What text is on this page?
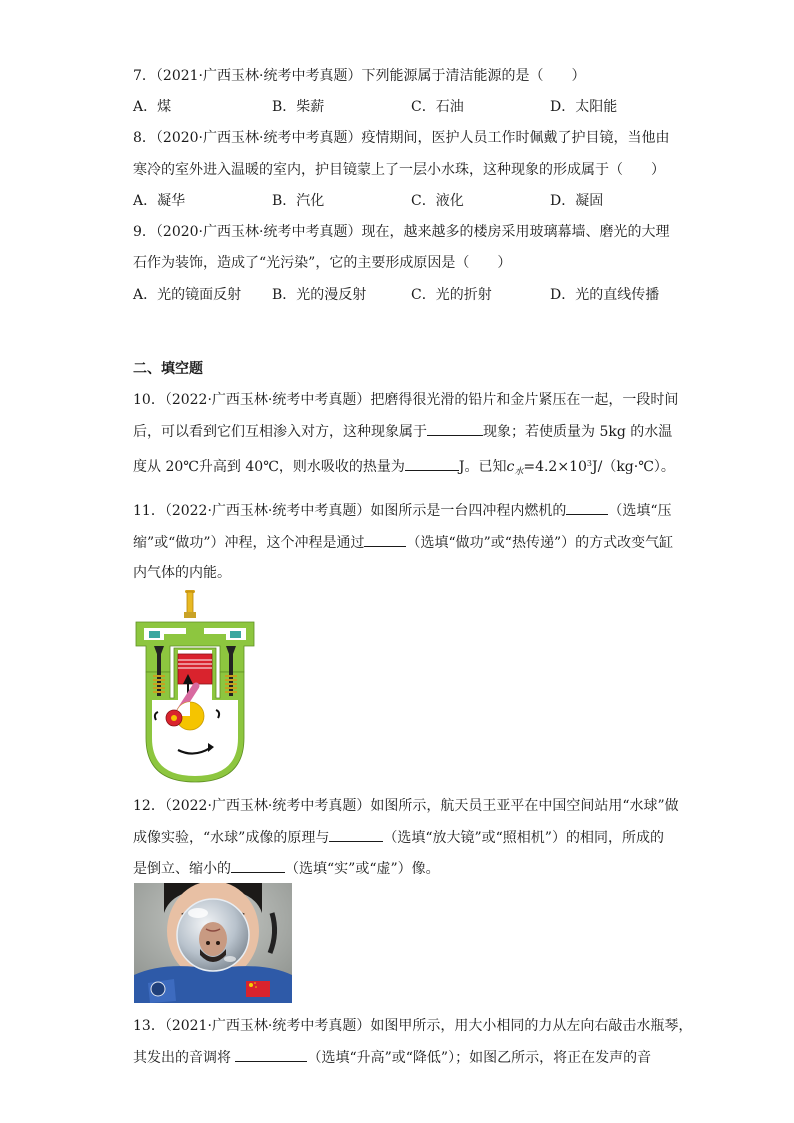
7．（2021·广西玉林·统考中考真题）下列能源属于清洁能源的是（　　）
A．煤	B．柴薪	C．石油	D．太阳能
8．（2020·广西玉林·统考中考真题）疫情期间，医护人员工作时佩戴了护目镜，当他由
寒冷的室外进入温暖的室内，护目镜蒙上了一层小水珠，这种现象的形成属于（　　）
A．凝华	B．汽化	C．液化	D．凝固
9．（2020·广西玉林·统考中考真题）现在，越来越多的楼房采用玻璃幕墙、磨光的大理
石作为装饰，造成了“光污染”，它的主要形成原因是（　　）
A．光的镜面反射 B．光的漫反射	C．光的折射	D．光的直线传播
二、填空题
10．（2022·广西玉林·统考中考真题）把磨得很光滑的铅片和金片紧压在一起，一段时间
后，可以看到它们互相渗入对方，这种现象属于	现象；若使质量为 5kg 的水温
度从 20℃升高到 40℃，则水吸收的热量为	J。已知$c_水=4.2\times 10^3J/(kg\cdot℃)$。
11．（2022·广西玉林·统考中考真题）如图所示是一台四冲程内燃机的	（选填“压
缩”或“做功”）冲程，这个冲程是通过	（选填“做功”或“热传递”）的方式改变气缸
内气体的内能。
12．（2022·广西玉林·统考中考真题）如图所示，航天员王亚平在中国空间站用“水球”做
成像实验，“水球”成像的原理与	（选填“放大镜”或“照相机”）的相同，所成的
是倒立、缩小的	（选填“实”或“虚”）像。
13．（2021·广西玉林·统考中考真题）如图甲所示，用大小相同的力从左向右敲击水瓶琴，
其发出的音调将	（选填“升高”或“降低”）；如图乙所示，将正在发声的音
